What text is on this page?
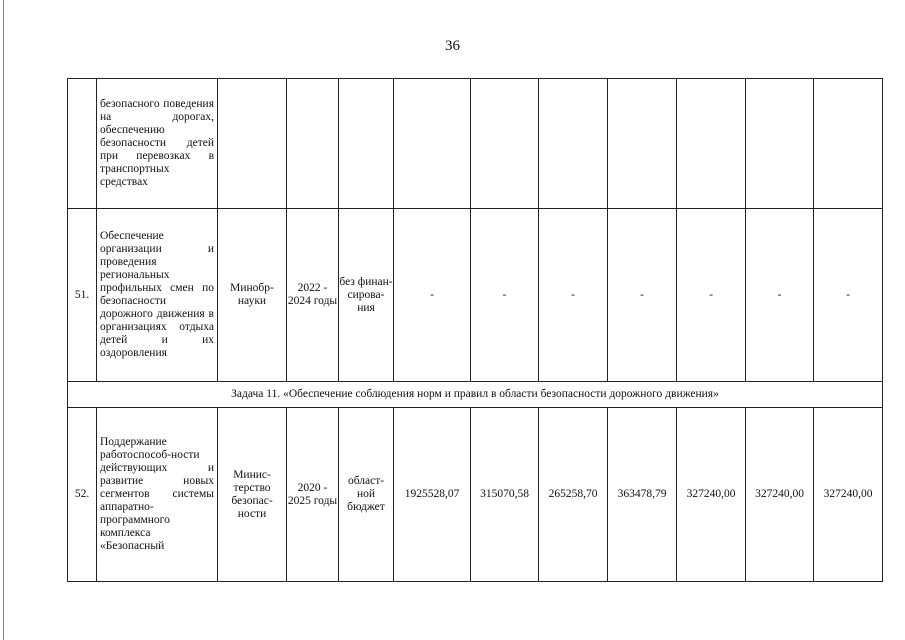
36
	безопасного поведения на дорогах, обеспечению безопасности детей при перевозках в транспортных средствах										
51.	Обеспечение организации и проведения региональных профильных смен по безопасности дорожного движения в организациях отдыха детей и их оздоровления	Минобр-науки	2022 - 2024 годы	без финан-сирова-ния	-	-	-	-	-	-	-
Задача 11. «Обеспечение соблюдения норм и правил в области безопасности дорожного движения»											
52.	Поддержание работоспособ-ности действующих и развитие новых сегментов системы аппаратно-программного комплекса «Безопасный	Минис-терство безопас-ности	2020 - 2025 годы	област-ной бюджет	1925528,07	315070,58	265258,70	363478,79	327240,00	327240,00	327240,00
